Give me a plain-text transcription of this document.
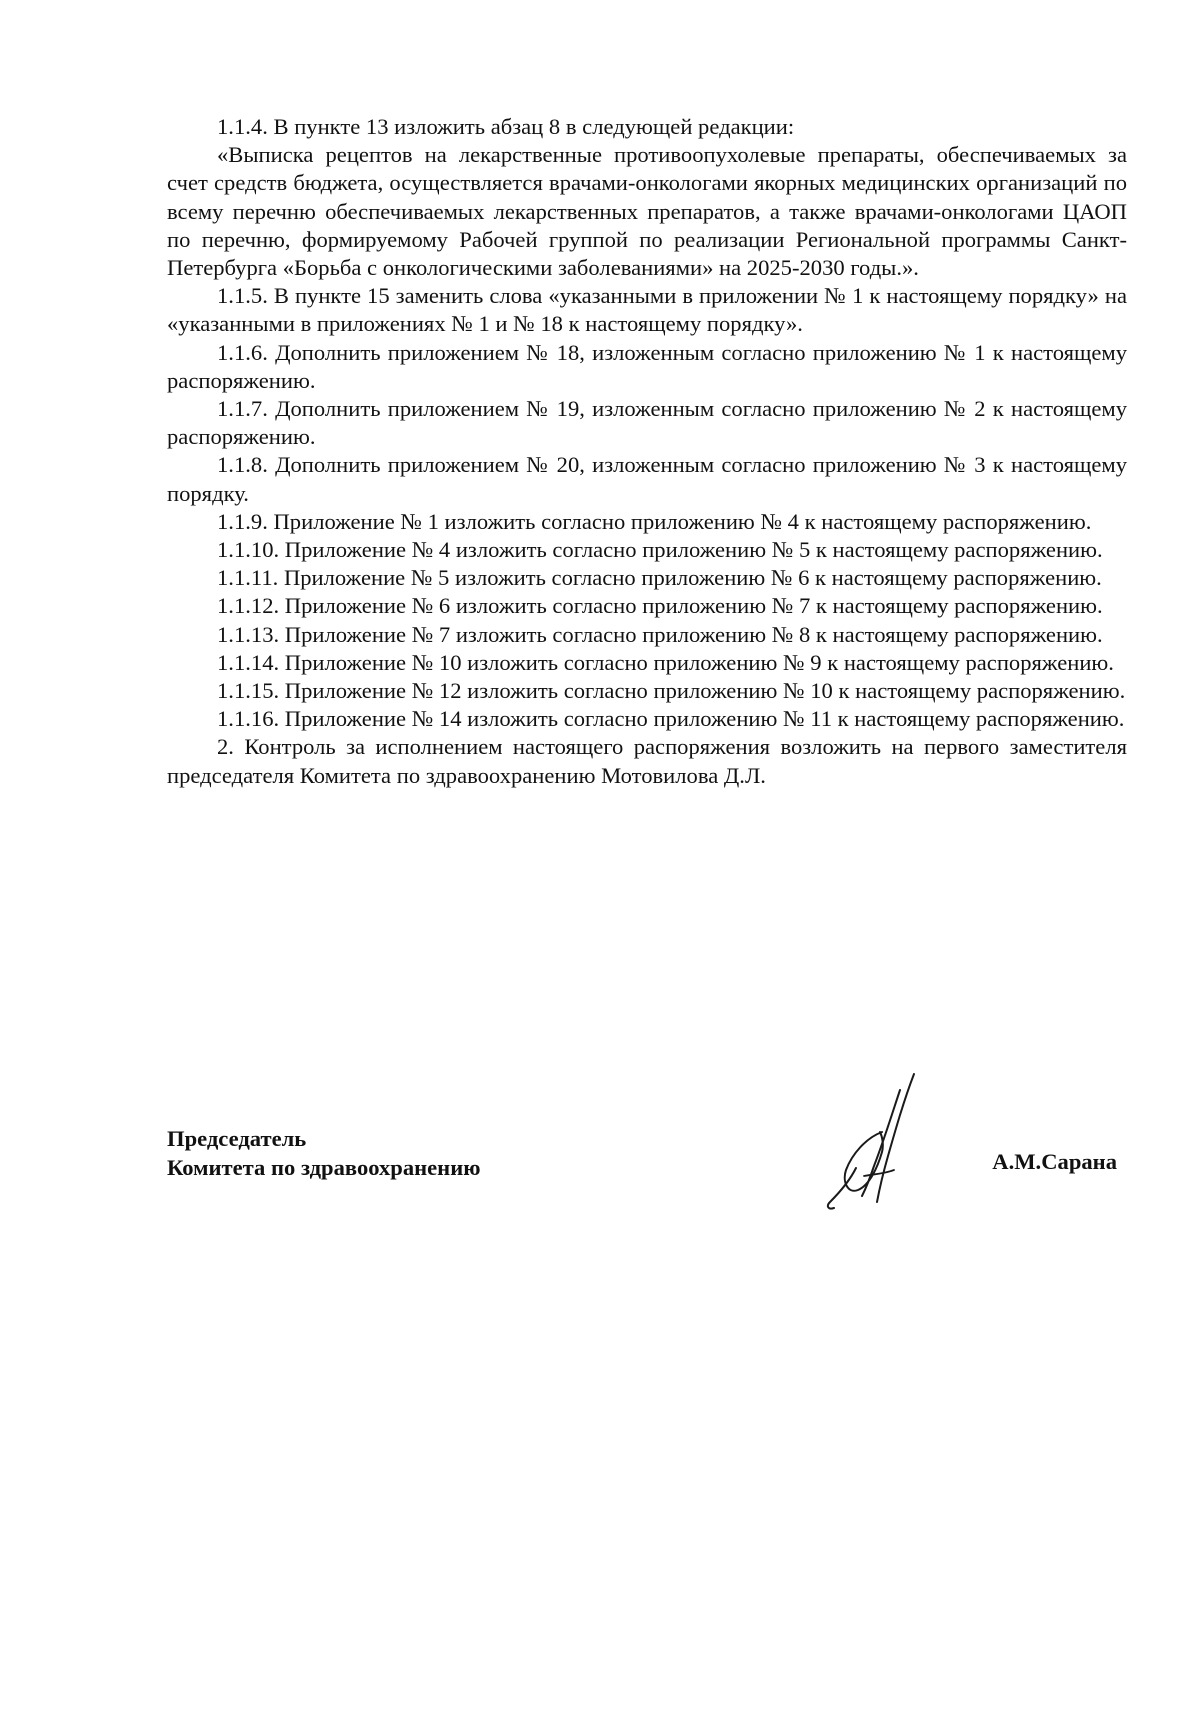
1.1.4. В пункте 13 изложить абзац 8 в следующей редакции:

«Выписка рецептов на лекарственные противоопухолевые препараты, обеспечиваемых за счет средств бюджета, осуществляется врачами-онкологами якорных медицинских организаций по всему перечню обеспечиваемых лекарственных препаратов, а также врачами-онкологами ЦАОП по перечню, формируемому Рабочей группой по реализации Региональной программы Санкт-Петербурга «Борьба с онкологическими заболеваниями» на 2025-2030 годы.».

1.1.5. В пункте 15 заменить слова «указанными в приложении № 1 к настоящему порядку» на «указанными в приложениях № 1 и № 18 к настоящему порядку».

1.1.6. Дополнить приложением № 18, изложенным согласно приложению № 1 к настоящему распоряжению.

1.1.7. Дополнить приложением № 19, изложенным согласно приложению № 2 к настоящему распоряжению.

1.1.8. Дополнить приложением № 20, изложенным согласно приложению № 3 к настоящему порядку.

1.1.9. Приложение № 1 изложить согласно приложению № 4 к настоящему распоряжению.

1.1.10. Приложение № 4 изложить согласно приложению № 5 к настоящему распоряжению.

1.1.11. Приложение № 5 изложить согласно приложению № 6 к настоящему распоряжению.

1.1.12. Приложение № 6 изложить согласно приложению № 7 к настоящему распоряжению.

1.1.13. Приложение № 7 изложить согласно приложению № 8 к настоящему распоряжению.

1.1.14. Приложение № 10 изложить согласно приложению № 9 к настоящему распоряжению.

1.1.15. Приложение № 12 изложить согласно приложению № 10 к настоящему распоряжению.

1.1.16. Приложение № 14 изложить согласно приложению № 11 к настоящему распоряжению.

2. Контроль за исполнением настоящего распоряжения возложить на первого заместителя председателя Комитета по здравоохранению Мотовилова Д.Л.

Председатель
Комитета по здравоохранению	А.М.Сарана
